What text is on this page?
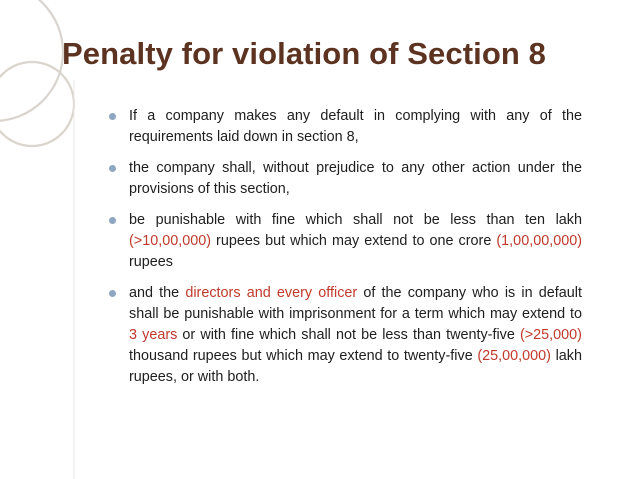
Penalty for violation of Section 8
If a company makes any default in complying with any of the requirements laid down in section 8,
the company shall, without prejudice to any other action under the provisions of this section,
be punishable with fine which shall not be less than ten lakh (>10,00,000) rupees but which may extend to one crore (1,00,00,000) rupees
and the directors and every officer of the company who is in default shall be punishable with imprisonment for a term which may extend to 3 years or with fine which shall not be less than twenty-five (>25,000) thousand rupees but which may extend to twenty-five (25,00,000) lakh rupees, or with both.
